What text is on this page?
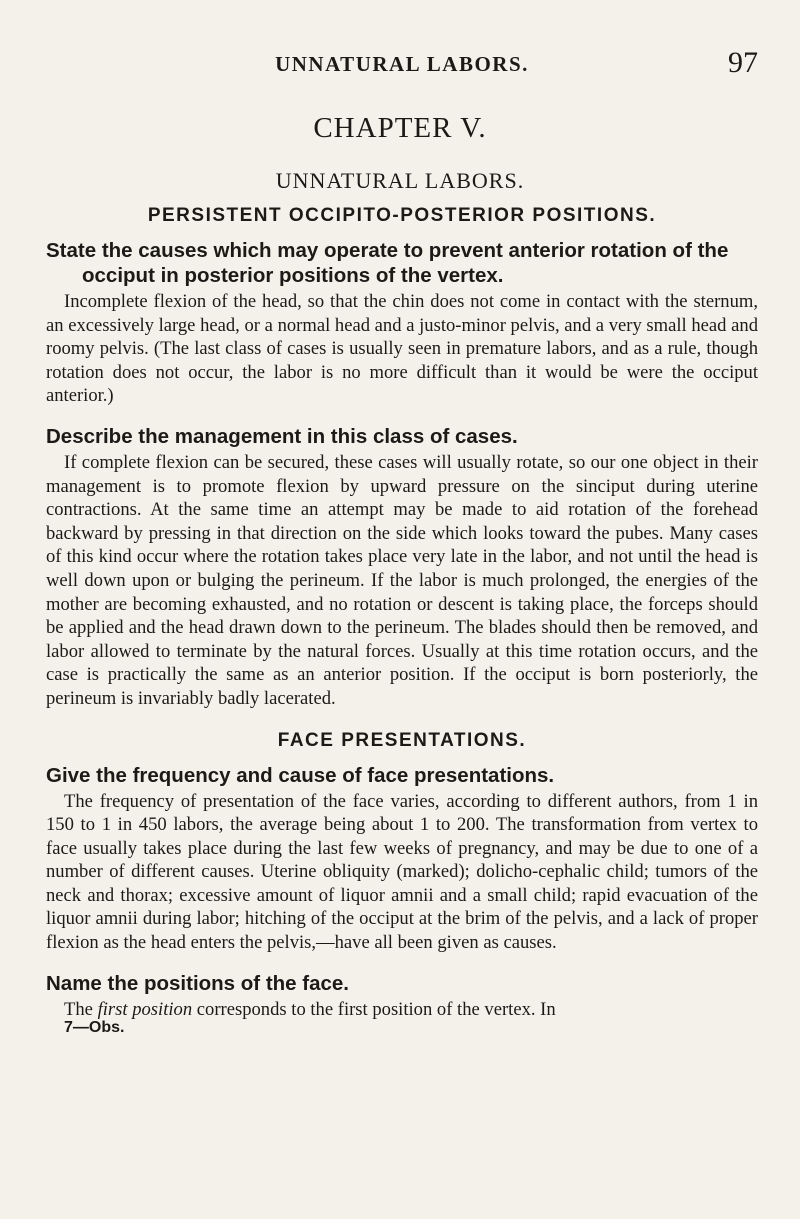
UNNATURAL LABORS.	97
CHAPTER V.
UNNATURAL LABORS.
PERSISTENT OCCIPITO-POSTERIOR POSITIONS.

State the causes which may operate to prevent anterior rotation of the occiput in posterior positions of the vertex.

Incomplete flexion of the head, so that the chin does not come in contact with the sternum, an excessively large head, or a normal head and a justo-minor pelvis, and a very small head and roomy pelvis. (The last class of cases is usually seen in premature labors, and as a rule, though rotation does not occur, the labor is no more difficult than it would be were the occiput anterior.)

Describe the management in this class of cases.

If complete flexion can be secured, these cases will usually rotate, so our one object in their management is to promote flexion by upward pressure on the sinciput during uterine contractions. At the same time an attempt may be made to aid rotation of the forehead backward by pressing in that direction on the side which looks toward the pubes. Many cases of this kind occur where the rotation takes place very late in the labor, and not until the head is well down upon or bulging the perineum. If the labor is much prolonged, the energies of the mother are becoming exhausted, and no rotation or descent is taking place, the forceps should be applied and the head drawn down to the perineum. The blades should then be removed, and labor allowed to terminate by the natural forces. Usually at this time rotation occurs, and the case is practically the same as an anterior position. If the occiput is born posteriorly, the perineum is invariably badly lacerated.

FACE PRESENTATIONS.

Give the frequency and cause of face presentations.

The frequency of presentation of the face varies, according to different authors, from 1 in 150 to 1 in 450 labors, the average being about 1 to 200. The transformation from vertex to face usually takes place during the last few weeks of pregnancy, and may be due to one of a number of different causes. Uterine obliquity (marked); dolicho-cephalic child; tumors of the neck and thorax; excessive amount of liquor amnii and a small child; rapid evacuation of the liquor amnii during labor; hitching of the occiput at the brim of the pelvis, and a lack of proper flexion as the head enters the pelvis,—have all been given as causes.

Name the positions of the face.

The first position corresponds to the first position of the vertex. In

7—Obs.
